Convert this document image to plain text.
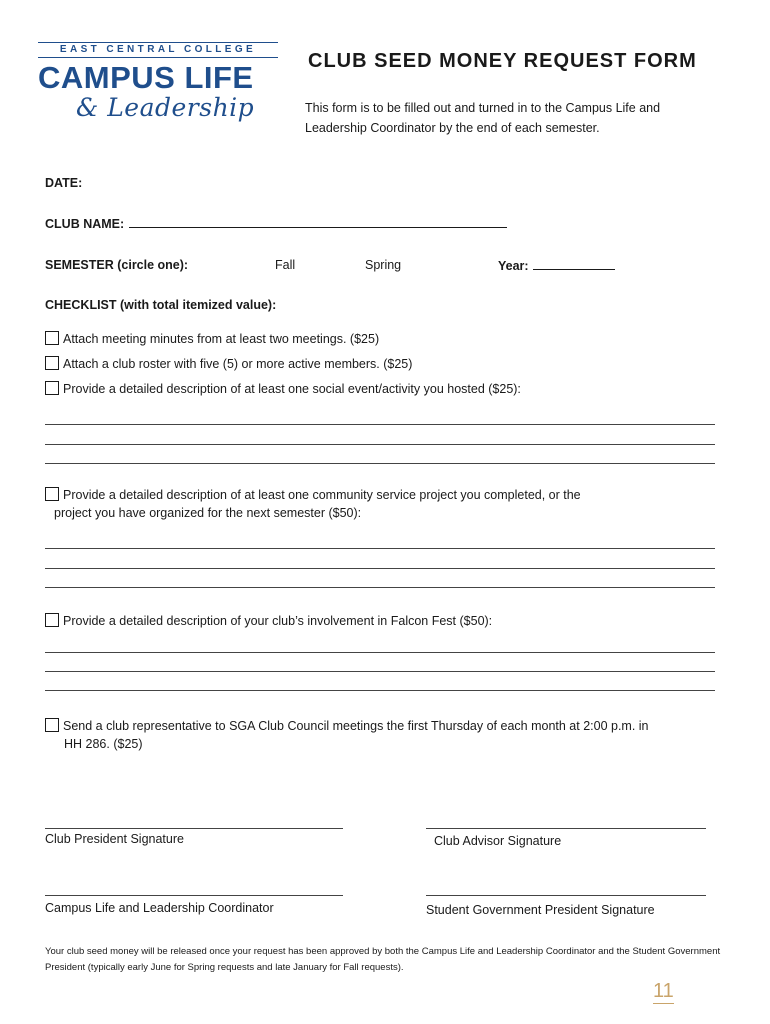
EAST CENTRAL COLLEGE
CAMPUS LIFE
& Leadership
CLUB SEED MONEY REQUEST FORM
This form is to be filled out and turned in to the Campus Life and Leadership Coordinator by the end of each semester.
DATE:
CLUB NAME:
SEMESTER (circle one):	Fall	Spring	Year:
CHECKLIST (with total itemized value):
Attach meeting minutes from at least two meetings. ($25)
Attach a club roster with five (5) or more active members. ($25)
Provide a detailed description of at least one social event/activity you hosted ($25):
Provide a detailed description of at least one community service project you completed, or the
project you have organized for the next semester ($50):
Provide a detailed description of your club’s involvement in Falcon Fest ($50):
Send a club representative to SGA Club Council meetings the first Thursday of each month at 2:00 p.m. in
HH 286. ($25)
Club President Signature	Club Advisor Signature
Campus Life and Leadership Coordinator	Student Government President Signature
Your club seed money will be released once your request has been approved by both the Campus Life and Leadership Coordinator and the Student Government President (typically early June for Spring requests and late January for Fall requests).
11
